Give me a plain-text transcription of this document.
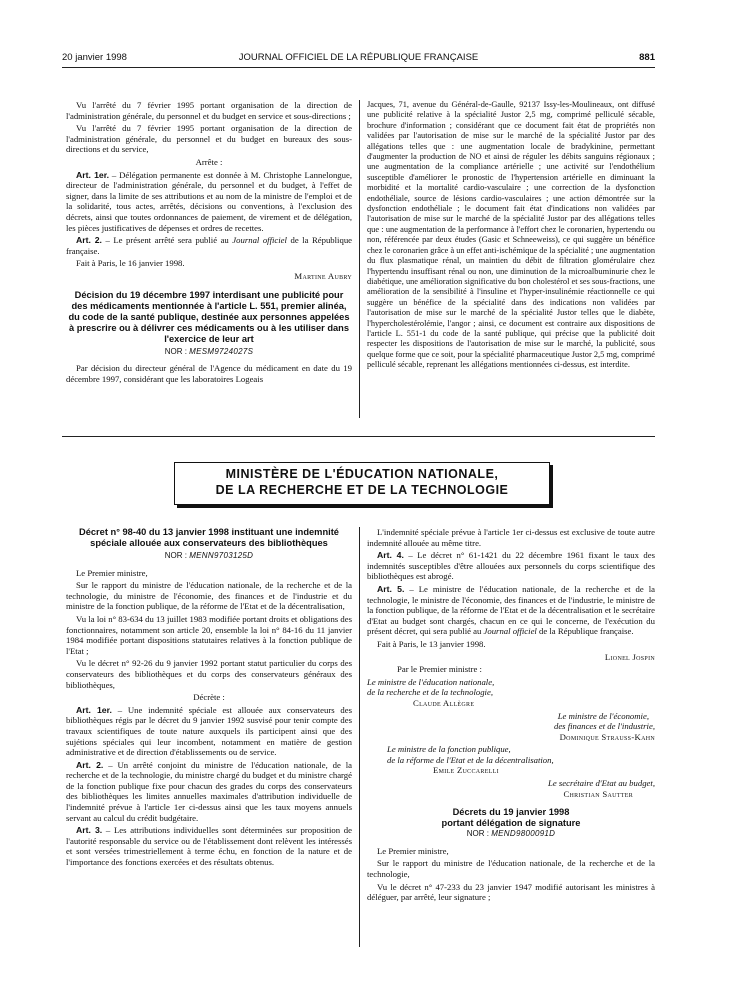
20 janvier 1998	JOURNAL OFFICIEL DE LA RÉPUBLIQUE FRANÇAISE	881

Vu l'arrêté du 7 février 1995 portant organisation de la direction de l'administration générale, du personnel et du budget en service et sous-directions ;

Vu l'arrêté du 7 février 1995 portant organisation de la direction de l'administration générale, du personnel et du budget en bureaux des sous-directions et du service,

Arrête :

Art. 1er. – Délégation permanente est donnée à M. Christophe Lannelongue, directeur de l'administration générale, du personnel et du budget, à l'effet de signer, dans la limite de ses attributions et au nom de la ministre de l'emploi et de la solidarité, tous actes, arrêtés, décisions ou conventions, à l'exclusion des décrets, ainsi que toutes ordonnances de paiement, de virement et de délégation, les pièces justificatives de dépenses et ordres de recettes.

Art. 2. – Le présent arrêté sera publié au Journal officiel de la République française.

Fait à Paris, le 16 janvier 1998.

Martine Aubry

Décision du 19 décembre 1997 interdisant une publicité pour des médicaments mentionnée à l'article L. 551, premier alinéa, du code de la santé publique, destinée aux personnes appelées à prescrire ou à délivrer ces médicaments ou à les utiliser dans l'exercice de leur art
NOR : MESM9724027S

Par décision du directeur général de l'Agence du médicament en date du 19 décembre 1997, considérant que les laboratoires Logeais

Jacques, 71, avenue du Général-de-Gaulle, 92137 Issy-les-Moulineaux, ont diffusé une publicité relative à la spécialité Justor 2,5 mg, comprimé pelliculé sécable, brochure d'information ; considérant que ce document fait état de propriétés non validées par l'autorisation de mise sur le marché de la spécialité Justor par des allégations telles que : une augmentation locale de bradykinine, permettant d'augmenter la production de NO et ainsi de réguler les débits sanguins régionaux ; une augmentation de la compliance artérielle ; une activité sur l'endothélium susceptible d'améliorer le pronostic de l'hypertension artérielle en diminuant la morbidité et la mortalité cardio-vasculaire ; une correction de la dysfonction endothéliale, source de lésions cardio-vasculaires ; une action démontrée sur la dysfonction endothéliale ; le document fait état d'indications non validées par l'autorisation de mise sur le marché de la spécialité Justor par des allégations telles que : une augmentation de la performance à l'effort chez le coronarien, hypertendu ou non, référencée par deux études (Gasic et Schneeweiss), ce qui suggère un bénéfice chez le coronarien grâce à un effet anti-ischémique de la spécialité ; une augmentation du flux plasmatique rénal, un maintien du débit de filtration glomérulaire chez l'hypertendu insuffisant rénal ou non, une diminution de la microalbuminurie chez le diabétique, une amélioration significative du bon cholestérol et ses sous-fractions, une amélioration de la sensibilité à l'insuline et l'hyper-insulinémie réactionnelle ce qui suggère un bénéfice de la spécialité dans des indications non validées par l'autorisation de mise sur le marché de la spécialité Justor telles que le diabète, l'hypercholestérolémie, l'angor ; ainsi, ce document est contraire aux dispositions de l'article L. 551-1 du code de la santé publique, qui précise que la publicité doit respecter les dispositions de l'autorisation de mise sur le marché, la publicité, sous quelque forme que ce soit, pour la spécialité pharmaceutique Justor 2,5 mg, comprimé pelliculé sécable, reprenant les allégations mentionnées ci-dessus, est interdite.

MINISTÈRE DE L'ÉDUCATION NATIONALE,
DE LA RECHERCHE ET DE LA TECHNOLOGIE
Décret n° 98-40 du 13 janvier 1998 instituant une indemnité spéciale allouée aux conservateurs des bibliothèques
NOR : MENN9703125D

Le Premier ministre,

Sur le rapport du ministre de l'éducation nationale, de la recherche et de la technologie, du ministre de l'économie, des finances et de l'industrie et du ministre de la fonction publique, de la réforme de l'Etat et de la décentralisation,

Vu la loi n° 83-634 du 13 juillet 1983 modifiée portant droits et obligations des fonctionnaires, notamment son article 20, ensemble la loi n° 84-16 du 11 janvier 1984 modifiée portant dispositions statutaires relatives à la fonction publique de l'Etat ;

Vu le décret n° 92-26 du 9 janvier 1992 portant statut particulier du corps des conservateurs des bibliothèques et du corps des conservateurs généraux des bibliothèques,

Décrète :

Art. 1er. – Une indemnité spéciale est allouée aux conservateurs des bibliothèques régis par le décret du 9 janvier 1992 susvisé pour tenir compte des travaux scientifiques de toute nature auxquels ils participent ainsi que des sujétions spéciales qui leur incombent, notamment en matière de gestion administrative et de direction d'établissements ou de service.

Art. 2. – Un arrêté conjoint du ministre de l'éducation nationale, de la recherche et de la technologie, du ministre chargé du budget et du ministre chargé de la fonction publique fixe pour chacun des grades du corps des conservateurs des bibliothèques les limites annuelles maximales d'attribution individuelle de l'indemnité prévue à l'article 1er ci-dessus ainsi que les taux moyens annuels servant au calcul du crédit budgétaire.

Art. 3. – Les attributions individuelles sont déterminées sur proposition de l'autorité responsable du service ou de l'établissement dont relèvent les intéressés et sont versées trimestriellement à terme échu, en fonction de la nature et de l'importance des fonctions exercées et des résultats obtenus.

L'indemnité spéciale prévue à l'article 1er ci-dessus est exclusive de toute autre indemnité allouée au même titre.

Art. 4. – Le décret n° 61-1421 du 22 décembre 1961 fixant le taux des indemnités susceptibles d'être allouées aux personnels du corps scientifique des bibliothèques est abrogé.

Art. 5. – Le ministre de l'éducation nationale, de la recherche et de la technologie, le ministre de l'économie, des finances et de l'industrie, le ministre de la fonction publique, de la réforme de l'Etat et de la décentralisation et le secrétaire d'Etat au budget sont chargés, chacun en ce qui le concerne, de l'exécution du présent décret, qui sera publié au Journal officiel de la République française.

Fait à Paris, le 13 janvier 1998.

Lionel Jospin

Par le Premier ministre :

Le ministre de l'éducation nationale,
de la recherche et de la technologie,
Claude Allègre
Le ministre de l'économie,
des finances et de l'industrie,
Dominique Strauss-Kahn
Le ministre de la fonction publique,
de la réforme de l'Etat et de la décentralisation,
Emile Zuccarelli
Le secrétaire d'Etat au budget,
Christian Sautter
Décrets du 19 janvier 1998
portant délégation de signature
NOR : MEND9800091D

Le Premier ministre,

Sur le rapport du ministre de l'éducation nationale, de la recherche et de la technologie,

Vu le décret n° 47-233 du 23 janvier 1947 modifié autorisant les ministres à déléguer, par arrêté, leur signature ;
